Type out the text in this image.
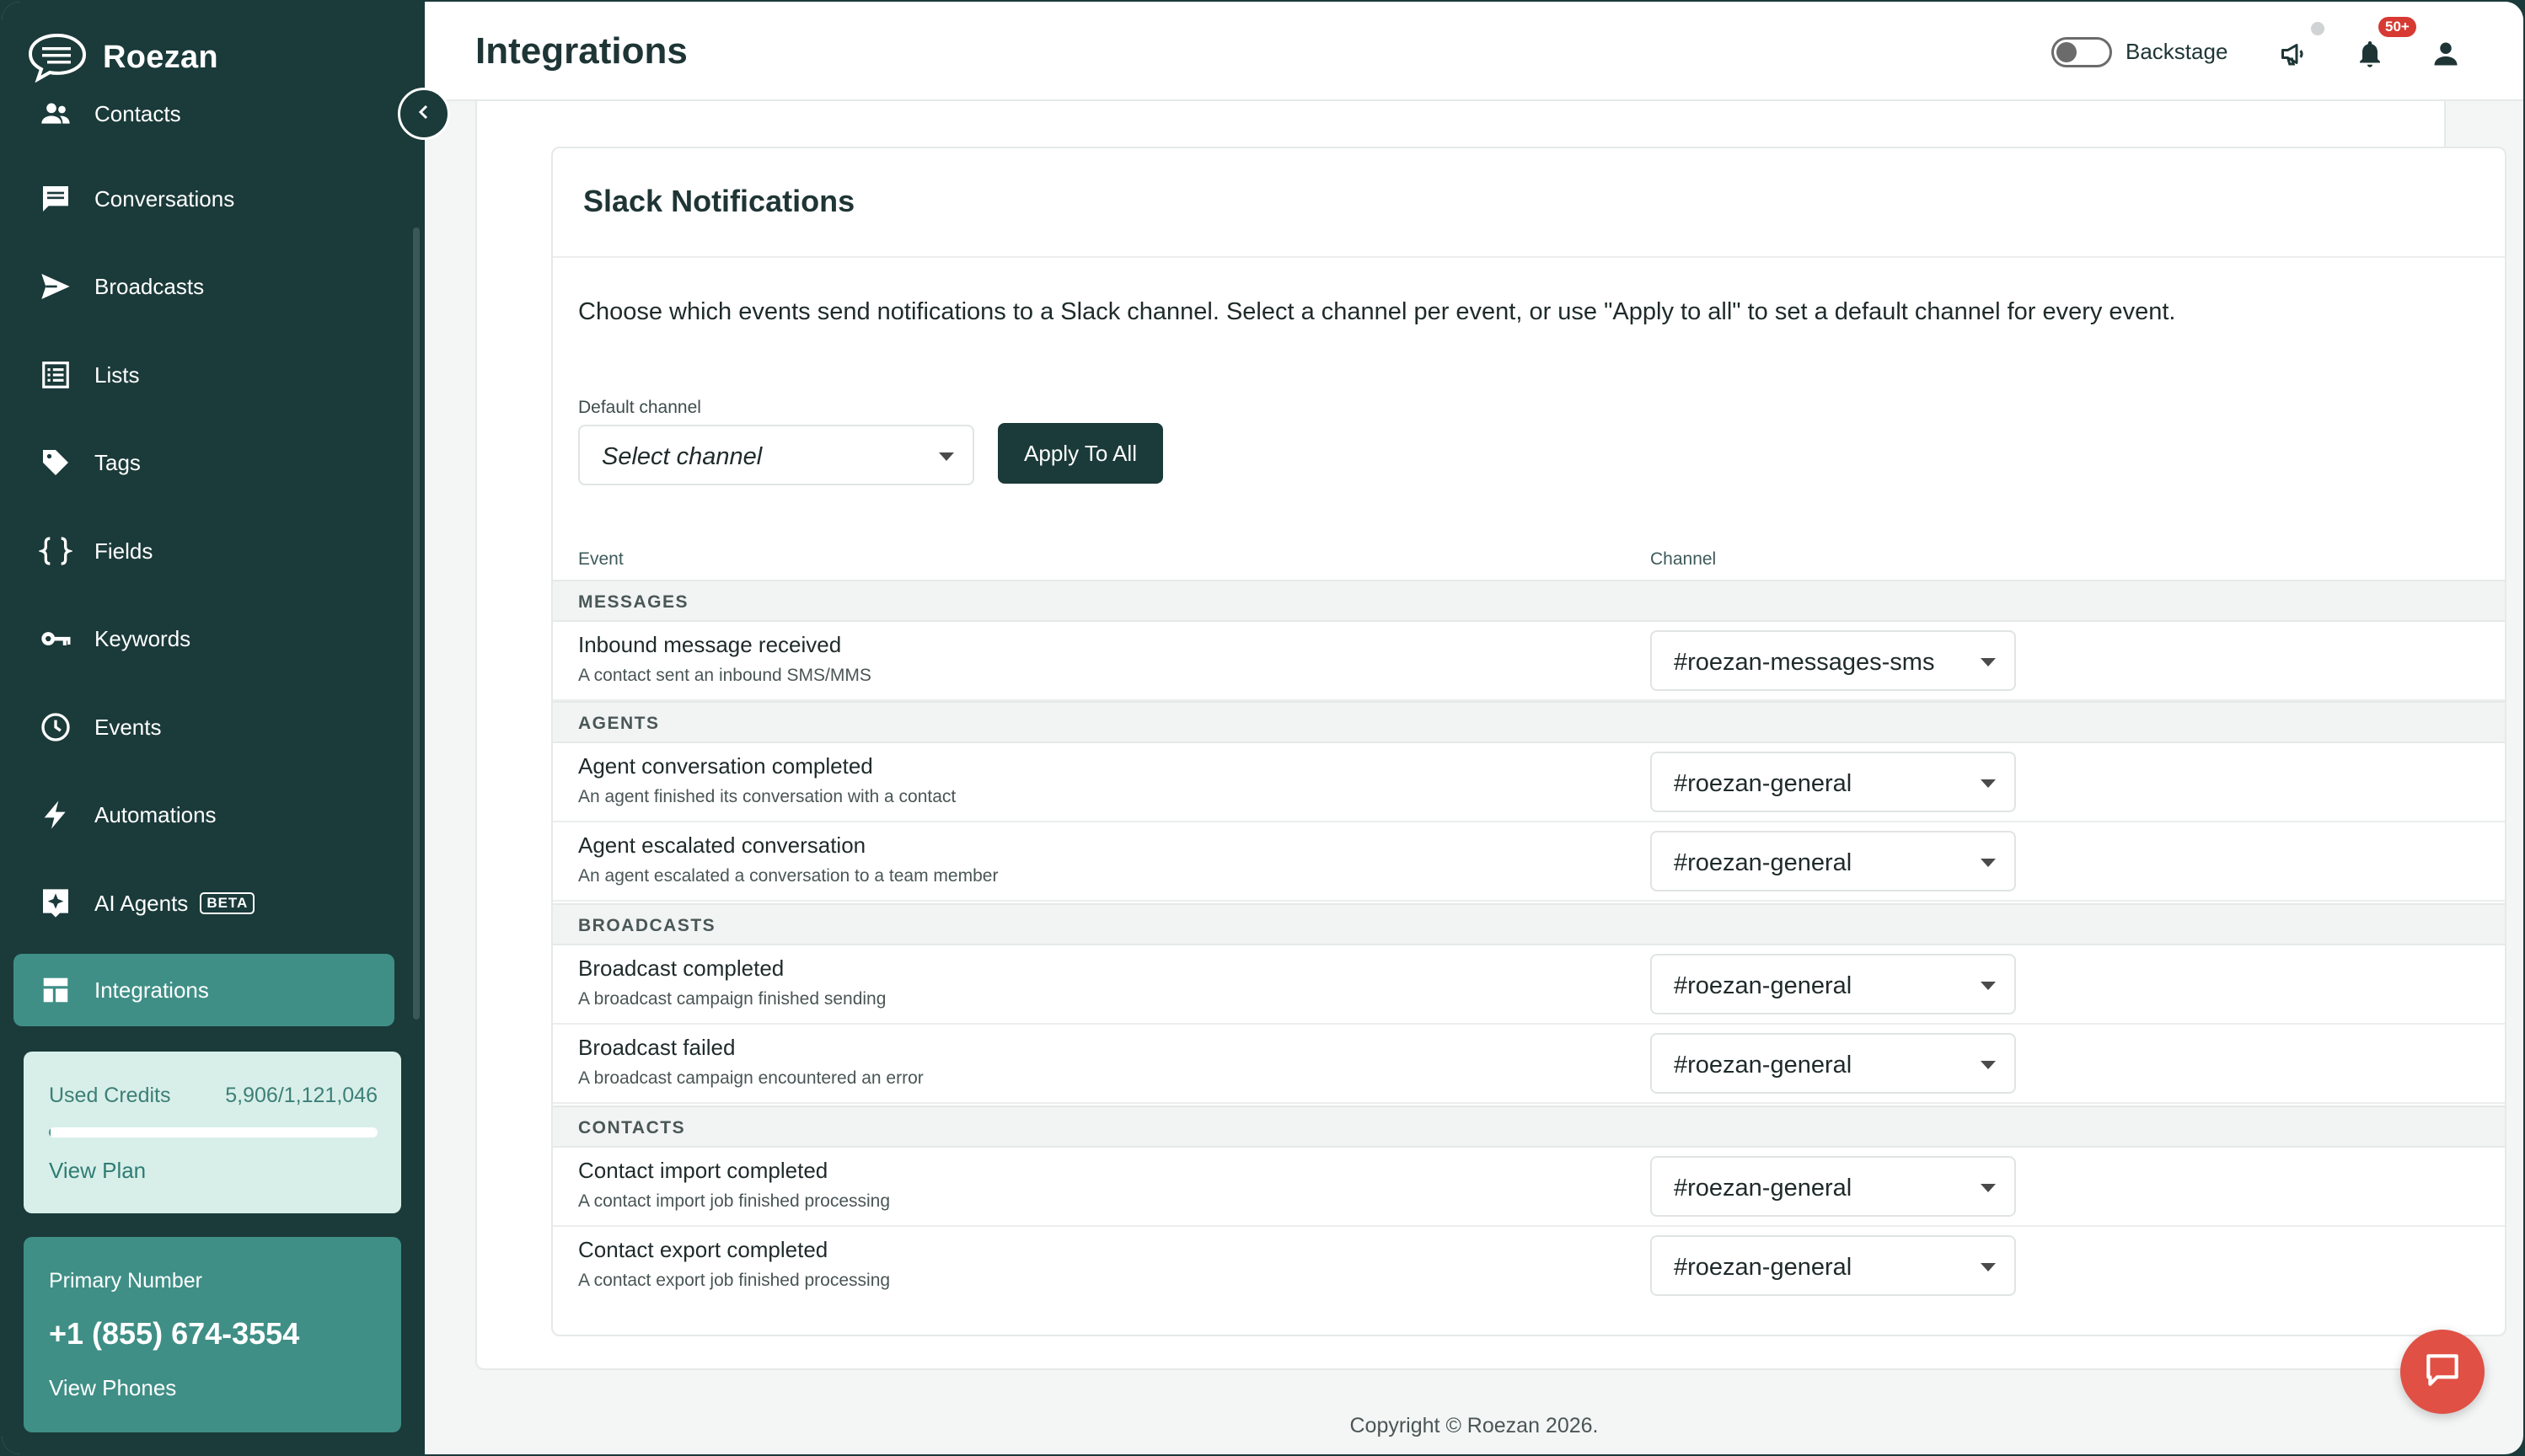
Contacts
Conversations
Broadcasts
Lists
Tags
Fields
Keywords
Events
Automations
AI Agents	BETA
Integrations
Roezan
Used Credits	5,906/1,121,046
View Plan
Primary Number
+1 (855) 674-3554
View Phones
Integrations	Backstage
50+
Slack Notifications
Choose which events send notifications to a Slack channel. Select a channel per event, or use "Apply to all" to set a default channel for every event.
Default channel
Select channel	Apply To All
Event	Channel
MESSAGES
Inbound message received
A contact sent an inbound SMS/MMS	#roezan-messages-sms
AGENTS
Agent conversation completed
An agent finished its conversation with a contact	#roezan-general
Agent escalated conversation
An agent escalated a conversation to a team member	#roezan-general
BROADCASTS
Broadcast completed
A broadcast campaign finished sending	#roezan-general
Broadcast failed
A broadcast campaign encountered an error	#roezan-general
CONTACTS
Contact import completed
A contact import job finished processing	#roezan-general
Contact export completed
A contact export job finished processing	#roezan-general
Copyright © Roezan 2026.
